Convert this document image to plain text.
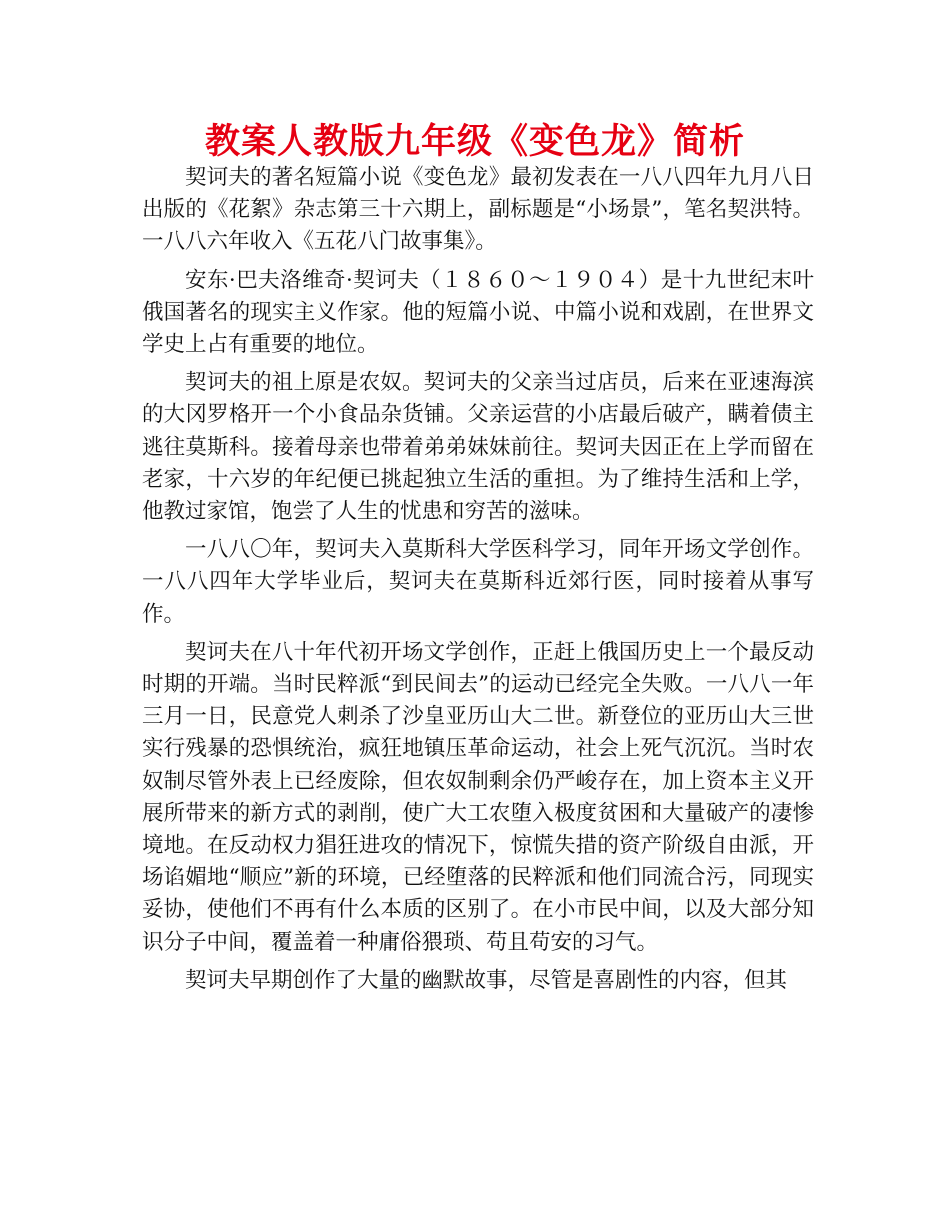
教案人教版九年级《变色龙》简析

契诃夫的著名短篇小说《变色龙》最初发表在一八八四年九月八日出版的《花絮》杂志第三十六期上，副标题是“小场景”，笔名契洪特。一八八六年收入《五花八门故事集》。

安东·巴夫洛维奇·契诃夫（１８６０～１９０４）是十九世纪末叶俄国著名的现实主义作家。他的短篇小说、中篇小说和戏剧，在世界文学史上占有重要的地位。

契诃夫的祖上原是农奴。契诃夫的父亲当过店员，后来在亚速海滨的大冈罗格开一个小食品杂货铺。父亲运营的小店最后破产，瞒着债主逃往莫斯科。接着母亲也带着弟弟妹妹前往。契诃夫因正在上学而留在老家，十六岁的年纪便已挑起独立生活的重担。为了维持生活和上学，他教过家馆，饱尝了人生的忧患和穷苦的滋味。

一八八〇年，契诃夫入莫斯科大学医科学习，同年开场文学创作。一八八四年大学毕业后，契诃夫在莫斯科近郊行医，同时接着从事写作。

契诃夫在八十年代初开场文学创作，正赶上俄国历史上一个最反动时期的开端。当时民粹派“到民间去”的运动已经完全失败。一八八一年三月一日，民意党人刺杀了沙皇亚历山大二世。新登位的亚历山大三世实行残暴的恐惧统治，疯狂地镇压革命运动，社会上死气沉沉。当时农奴制尽管外表上已经废除，但农奴制剩余仍严峻存在，加上资本主义开展所带来的新方式的剥削，使广大工农堕入极度贫困和大量破产的凄惨境地。在反动权力猖狂进攻的情况下，惊慌失措的资产阶级自由派，开场谄媚地“顺应”新的环境，已经堕落的民粹派和他们同流合污，同现实妥协，使他们不再有什么本质的区别了。在小市民中间，以及大部分知识分子中间，覆盖着一种庸俗猥琐、苟且苟安的习气。

契诃夫早期创作了大量的幽默故事，尽管是喜剧性的内容，但其
